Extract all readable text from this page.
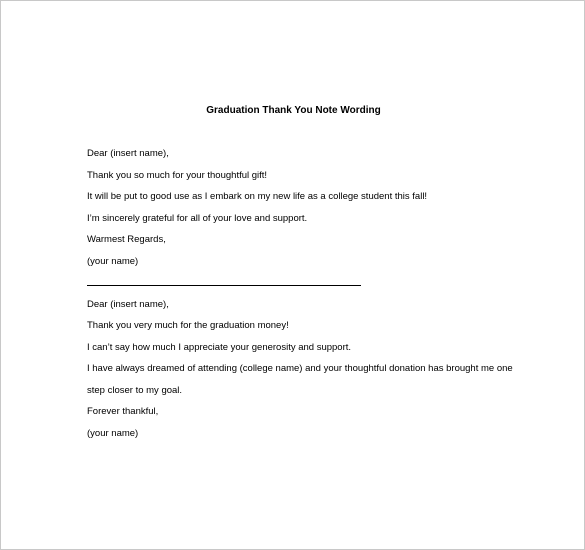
Graduation Thank You Note Wording
Dear (insert name),
Thank you so much for your thoughtful gift!
It will be put to good use as I embark on my new life as a college student this fall!
I’m sincerely grateful for all of your love and support.
Warmest Regards,
(your name)
Dear (insert name),
Thank you very much for the graduation money!
I can’t say how much I appreciate your generosity and support.
I have always dreamed of attending (college name) and your thoughtful donation has brought me one
step closer to my goal.
Forever thankful,
(your name)
